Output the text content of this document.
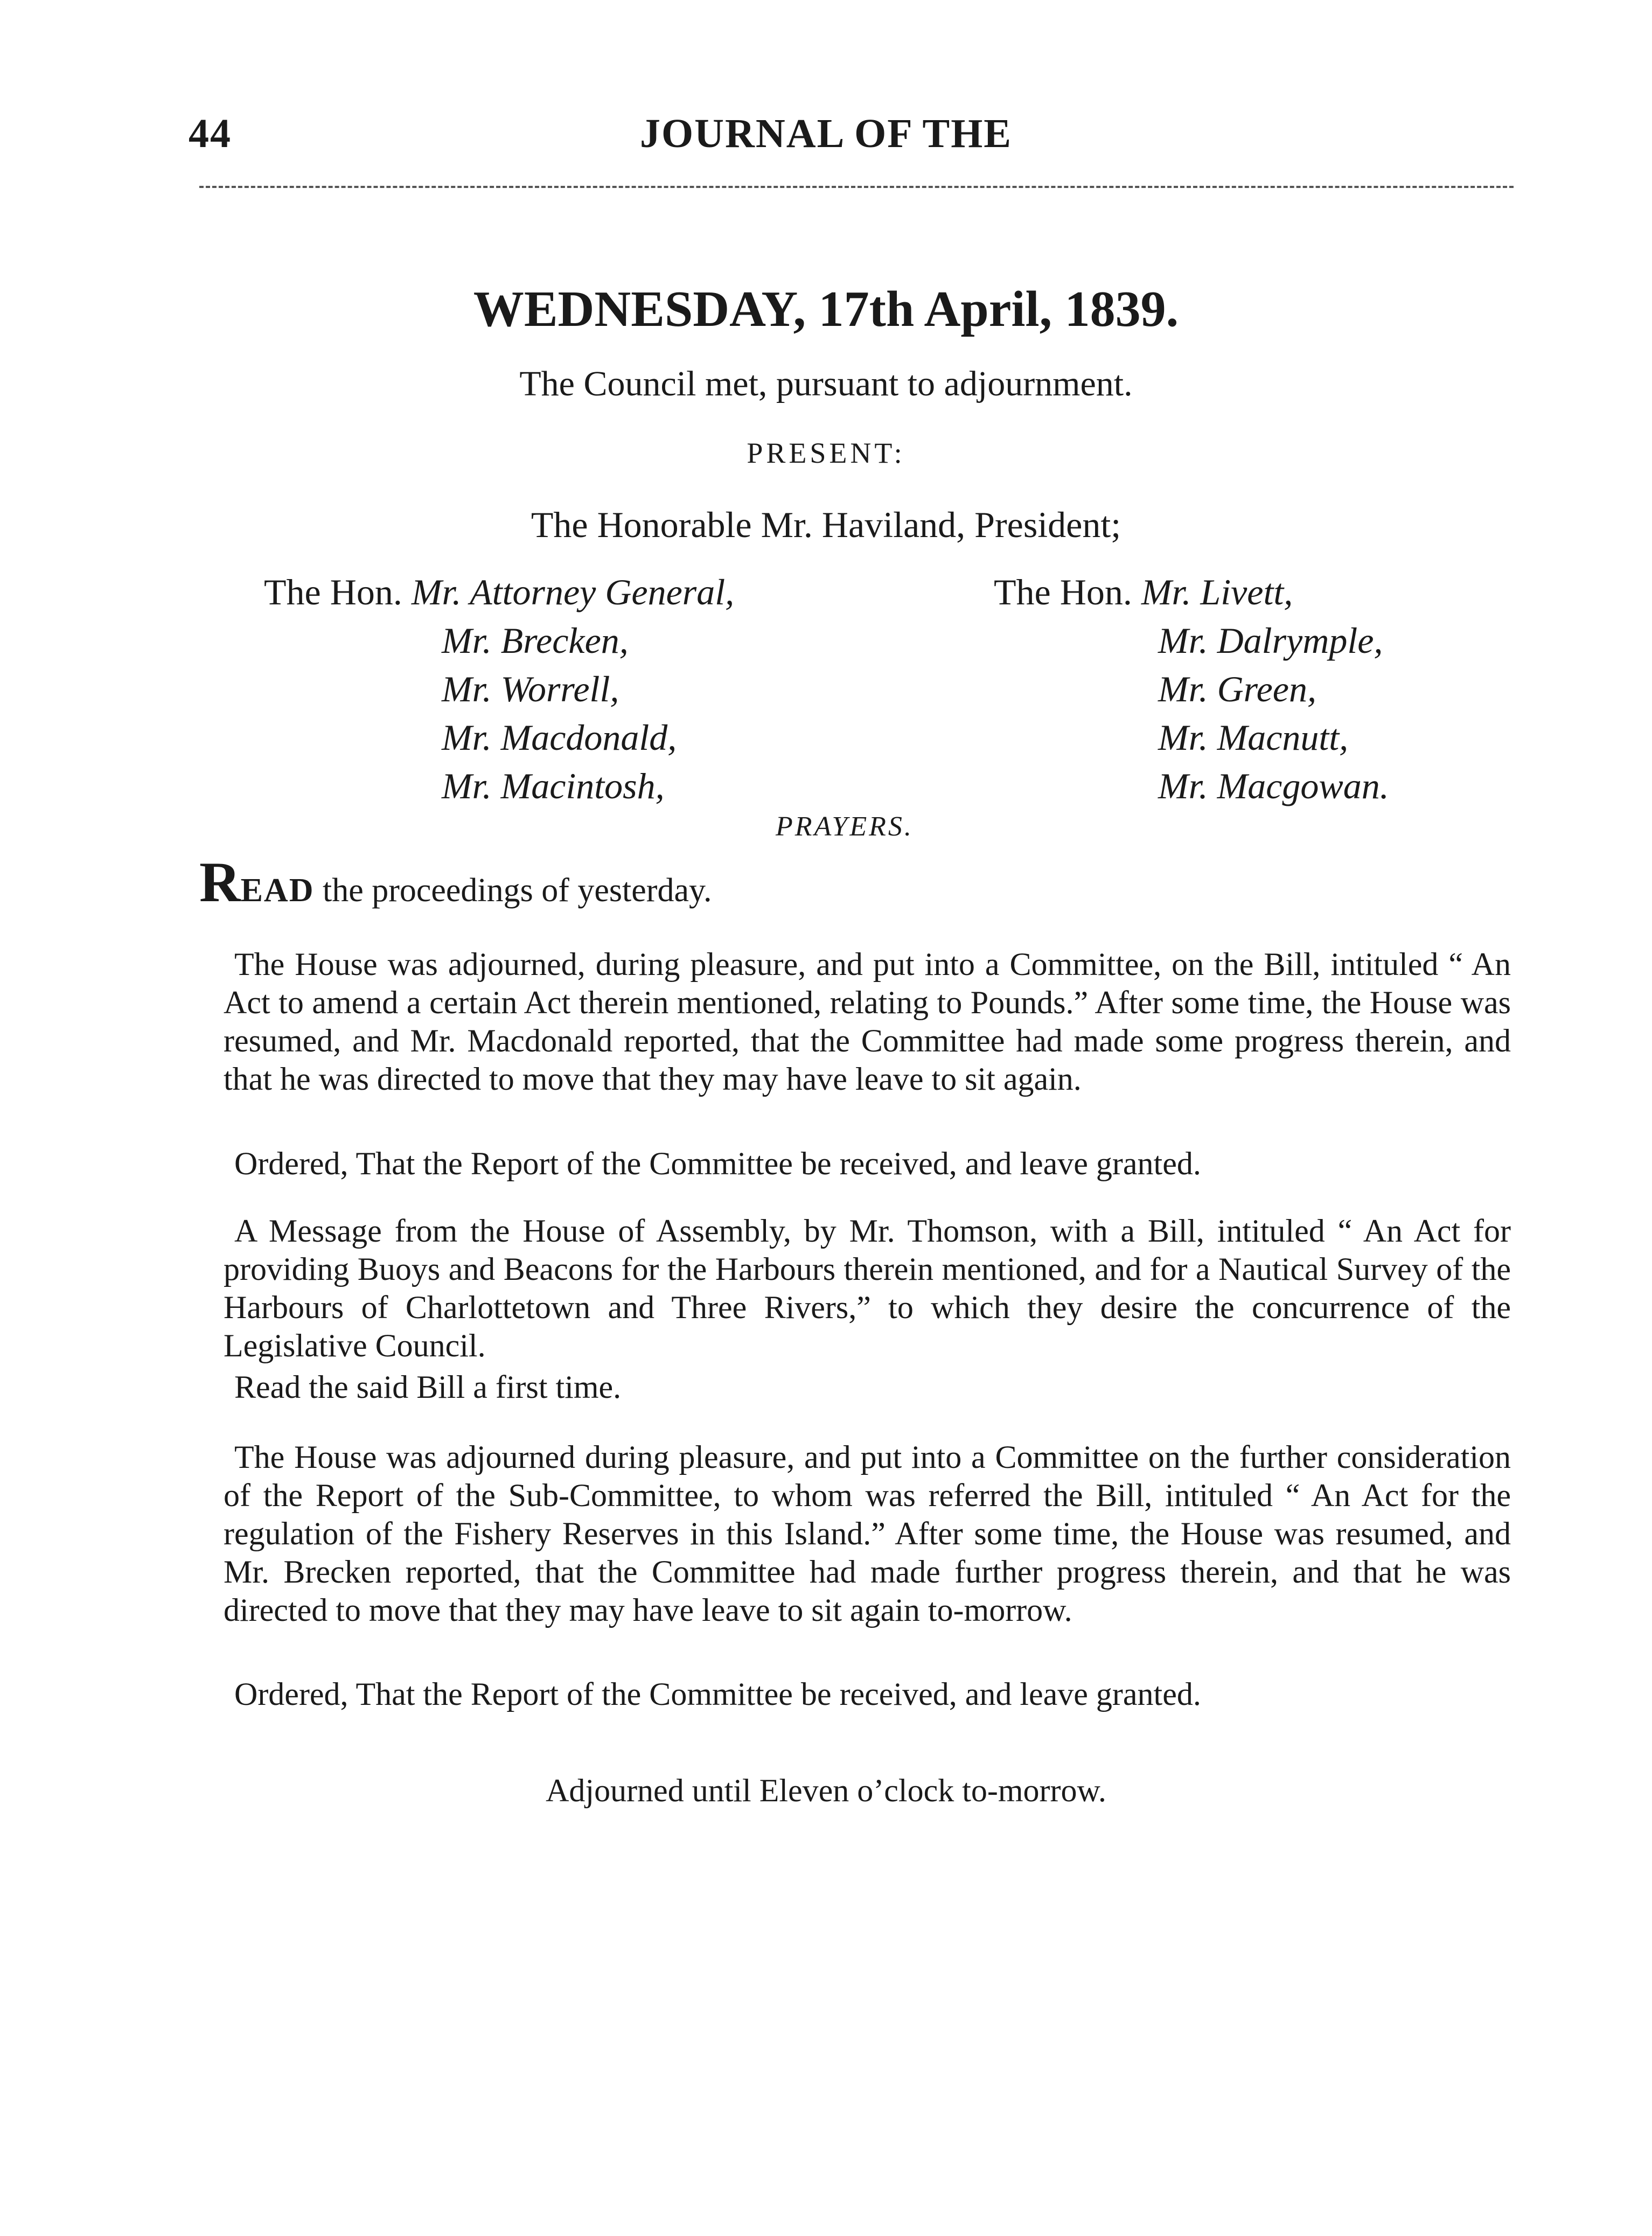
44	JOURNAL OF THE
WEDNESDAY, 17th April, 1839.
The Council met, pursuant to adjournment.
PRESENT:
The Honorable Mr. Haviland, President;
The Hon. Mr. Attorney General,
Mr. Brecken,
Mr. Worrell,
Mr. Macdonald,
Mr. Macintosh,
The Hon. Mr. Livett,
Mr. Dalrymple,
Mr. Green,
Mr. Macnutt,
Mr. Macgowan.
PRAYERS.
READ the proceedings of yesterday.

The House was adjourned, during pleasure, and put into a Committee, on the Bill, intituled “ An Act to amend a certain Act therein mentioned, relating to Pounds.” After some time, the House was resumed, and Mr. Macdonald reported, that the Committee had made some progress therein, and that he was directed to move that they may have leave to sit again.

Ordered, That the Report of the Committee be received, and leave granted.

A Message from the House of Assembly, by Mr. Thomson, with a Bill, intituled “ An Act for providing Buoys and Beacons for the Harbours therein mentioned, and for a Nautical Survey of the Harbours of Charlottetown and Three Rivers,” to which they desire the concurrence of the Legislative Council.

Read the said Bill a first time.

The House was adjourned during pleasure, and put into a Committee on the further consideration of the Report of the Sub-Committee, to whom was referred the Bill, intituled “ An Act for the regulation of the Fishery Reserves in this Island.” After some time, the House was resumed, and Mr. Brecken reported, that the Committee had made further progress therein, and that he was directed to move that they may have leave to sit again to-morrow.

Ordered, That the Report of the Committee be received, and leave granted.

Adjourned until Eleven o’clock to-morrow.
